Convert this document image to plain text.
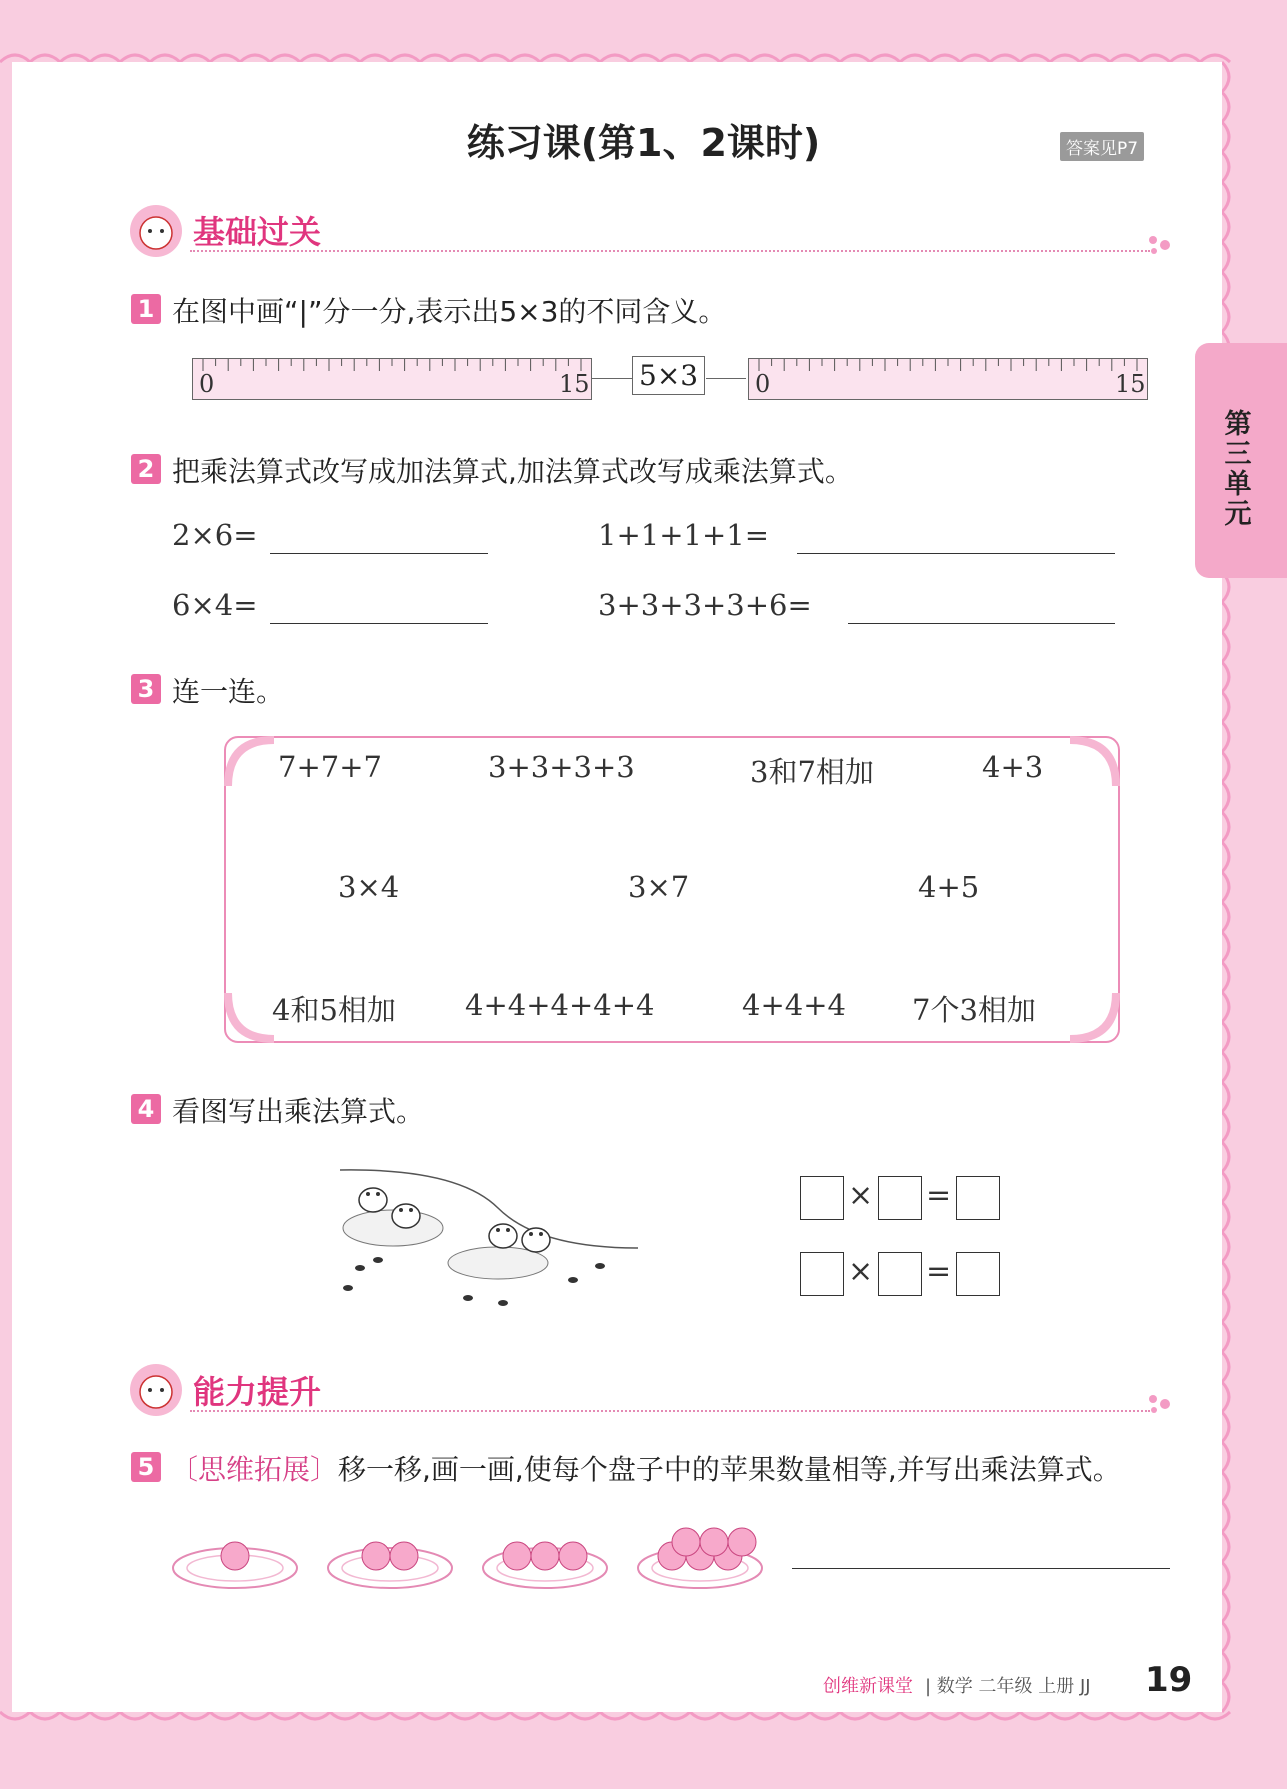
第三单元
练习课(第1、2课时)	答案见P7
基础过关
1 在图中画“|”分一分,表示出5×3的不同含义。
0	15 5×3 0	15
2 把乘法算式改写成加法算式,加法算式改写成乘法算式。
2×6=	1+1+1+1=
6×4=	3+3+3+3+6=
3 连一连。
7+7+7	3+3+3+3	3和7相加	4+3
3×4	3×7	4+5
4和5相加 4+4+4+4+4	4+4+4 7个3相加
4 看图写出乘法算式。
× =
× =
能力提升
5 〔思维拓展〕移一移,画一画,使每个盘子中的苹果数量相等,并写出乘法算式。
创维新课堂 | 数学 二年级 上册 JJ 19
